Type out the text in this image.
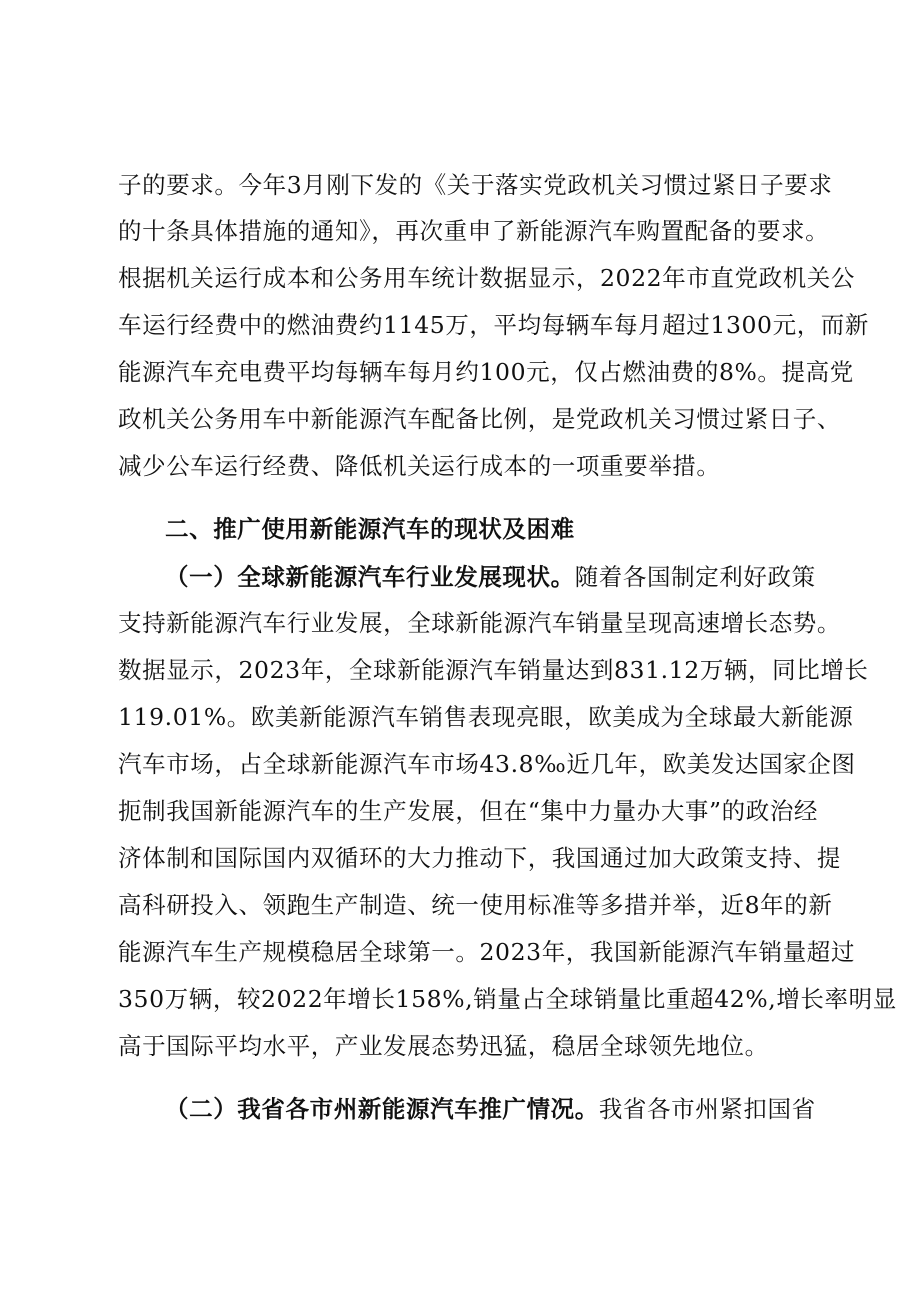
子的要求。今年3月刚下发的《关于落实党政机关习惯过紧日子要求
的十条具体措施的通知》，再次重申了新能源汽车购置配备的要求。
根据机关运行成本和公务用车统计数据显示，2022年市直党政机关公
车运行经费中的燃油费约1145万，平均每辆车每月超过1300元，而新
能源汽车充电费平均每辆车每月约100元，仅占燃油费的8%。提高党
政机关公务用车中新能源汽车配备比例，是党政机关习惯过紧日子、
减少公车运行经费、降低机关运行成本的一项重要举措。
二、推广使用新能源汽车的现状及困难
（一）全球新能源汽车行业发展现状。随着各国制定利好政策
支持新能源汽车行业发展，全球新能源汽车销量呈现高速增长态势。
数据显示，2023年，全球新能源汽车销量达到831.12万辆，同比增长
119.01%。欧美新能源汽车销售表现亮眼，欧美成为全球最大新能源
汽车市场，占全球新能源汽车市场43.8‰近几年，欧美发达国家企图
扼制我国新能源汽车的生产发展，但在“集中力量办大事”的政治经
济体制和国际国内双循环的大力推动下，我国通过加大政策支持、提
高科研投入、领跑生产制造、统一使用标准等多措并举，近8年的新
能源汽车生产规模稳居全球第一。2023年，我国新能源汽车销量超过
350万辆，较2022年增长158%,销量占全球销量比重超42%,增长率明显
高于国际平均水平，产业发展态势迅猛，稳居全球领先地位。
（二）我省各市州新能源汽车推广情况。我省各市州紧扣国省
